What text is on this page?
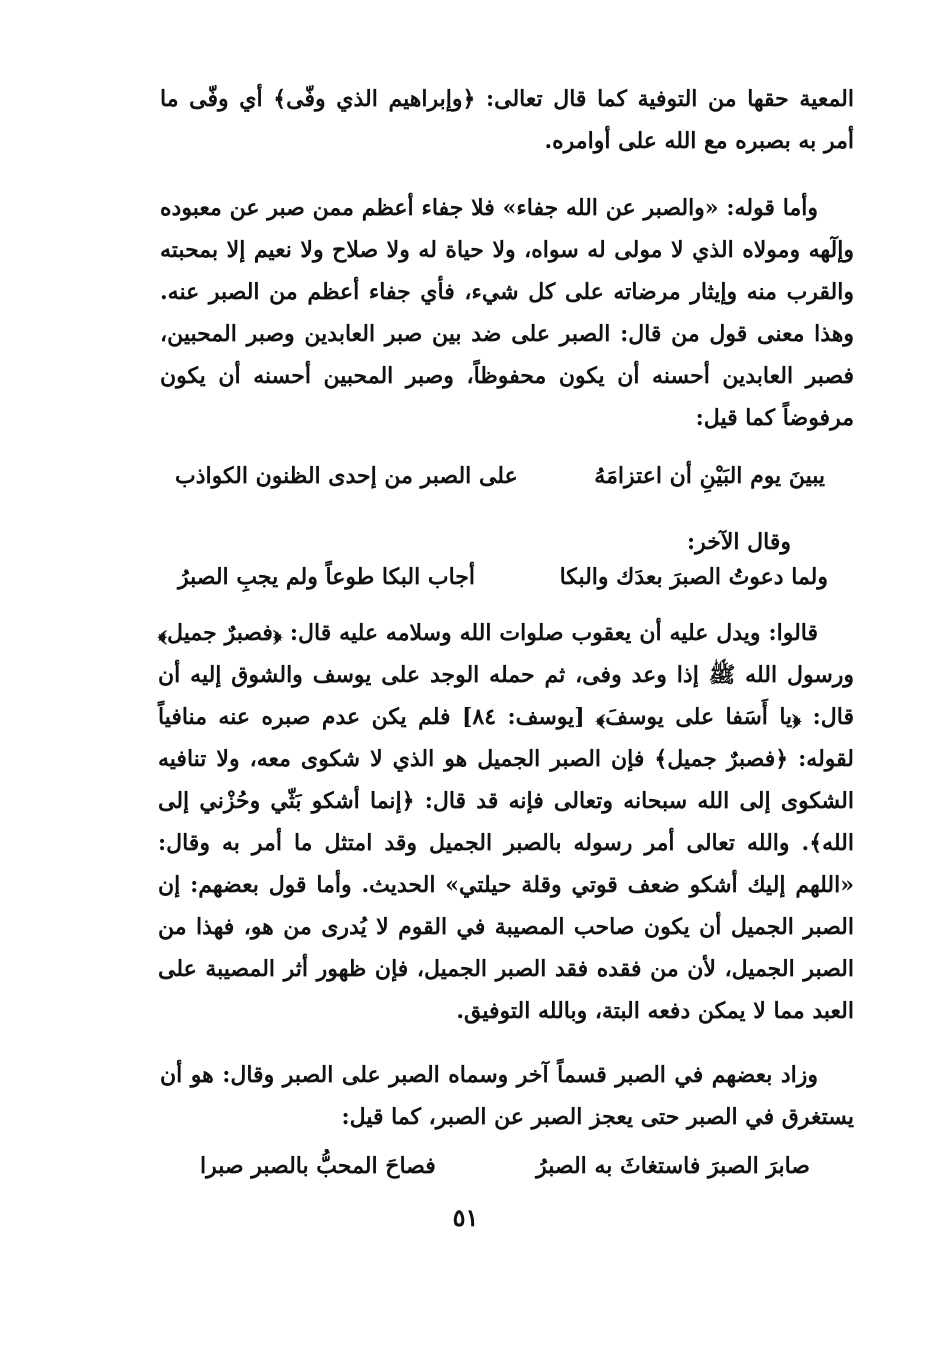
المعية حقها من التوفية كما قال تعالى: ﴿وإبراهيم الذي وفّى﴾ أي وفّى ما أمر به بصبره مع الله على أوامره.
وأما قوله: «والصبر عن الله جفاء» فلا جفاء أعظم ممن صبر عن معبوده وإلٓهه ومولاه الذي لا مولى له سواه، ولا حياة له ولا صلاح ولا نعيم إلا بمحبته والقرب منه وإيثار مرضاته على كل شيء، فأي جفاء أعظم من الصبر عنه. وهذا معنى قول من قال: الصبر على ضد بين صبر العابدين وصبر المحبين، فصبر العابدين أحسنه أن يكون محفوظاً، وصبر المحبين أحسنه أن يكون مرفوضاً كما قيل:
يبينَ يوم البَيْنِ أن اعتزامَهُ
على الصبر من إحدى الظنون الكواذب
وقال الآخر:
ولما دعوتُ الصبرَ بعدَك والبكا
أجاب البكا طوعاً ولم يجبِ الصبرُ
قالوا: ويدل عليه أن يعقوب صلوات الله وسلامه عليه قال: ﴿فصبرٌ جميل﴾ ورسول الله ﷺ إذا وعد وفى، ثم حمله الوجد على يوسف والشوق إليه أن قال: ﴿يا أَسَفا على يوسفَ﴾ [يوسف: ٨٤] فلم يكن عدم صبره عنه منافياً لقوله: ﴿فصبرٌ جميل﴾ فإن الصبر الجميل هو الذي لا شكوى معه، ولا تنافيه الشكوى إلى الله سبحانه وتعالى فإنه قد قال: ﴿إنما أشكو بَثّي وحُزْني إلى الله﴾. والله تعالى أمر رسوله بالصبر الجميل وقد امتثل ما أمر به وقال: «اللهم إليك أشكو ضعف قوتي وقلة حيلتي» الحديث. وأما قول بعضهم: إن الصبر الجميل أن يكون صاحب المصيبة في القوم لا يُدرى من هو، فهذا من الصبر الجميل، لأن من فقده فقد الصبر الجميل، فإن ظهور أثر المصيبة على العبد مما لا يمكن دفعه البتة، وبالله التوفيق.
وزاد بعضهم في الصبر قسماً آخر وسماه الصبر على الصبر وقال: هو أن يستغرق في الصبر حتى يعجز الصبر عن الصبر، كما قيل:
صابرَ الصبرَ فاستغاثَ به الصبرُ
فصاحَ المحبُّ بالصبر صبرا
٥١
